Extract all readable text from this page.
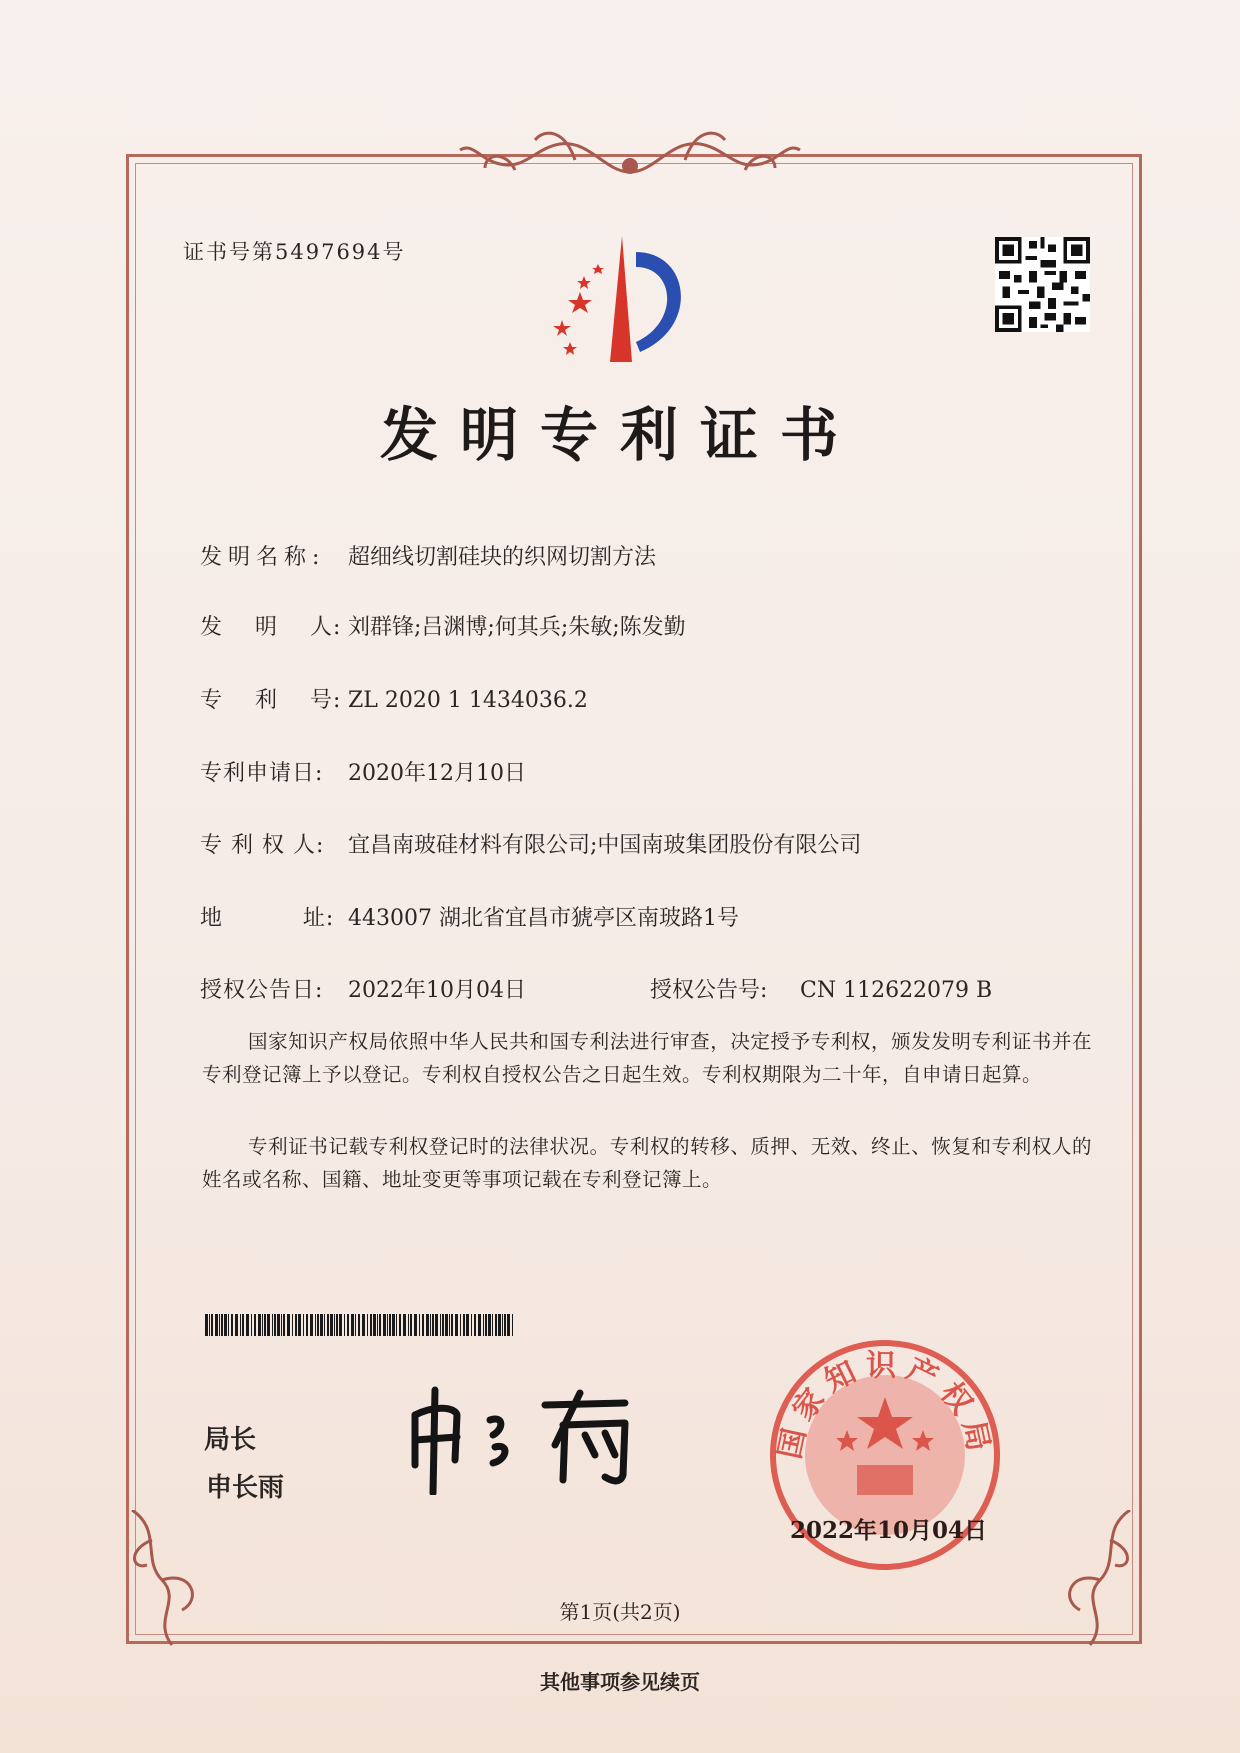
证书号第5497694号
发明专利证书
发明名称: 超细线切割硅块的织网切割方法
发    明    人: 刘群锋;吕渊博;何其兵;朱敏;陈发勤
专    利    号: ZL 2020 1 1434036.2
专利申请日: 2020年12月10日
专 利 权 人: 宜昌南玻硅材料有限公司;中国南玻集团股份有限公司
地          址: 443007 湖北省宜昌市猇亭区南玻路1号
授权公告日: 2022年10月04日	授权公告号: CN 112622079 B
国家知识产权局依照中华人民共和国专利法进行审查，决定授予专利权，颁发发明专利证书并在专利登记簿上予以登记。专利权自授权公告之日起生效。专利权期限为二十年，自申请日起算。
专利证书记载专利权登记时的法律状况。专利权的转移、质押、无效、终止、恢复和专利权人的姓名或名称、国籍、地址变更等事项记载在专利登记簿上。
局长
申长雨
国家知识产权局
2022年10月04日
第1页(共2页)
其他事项参见续页
